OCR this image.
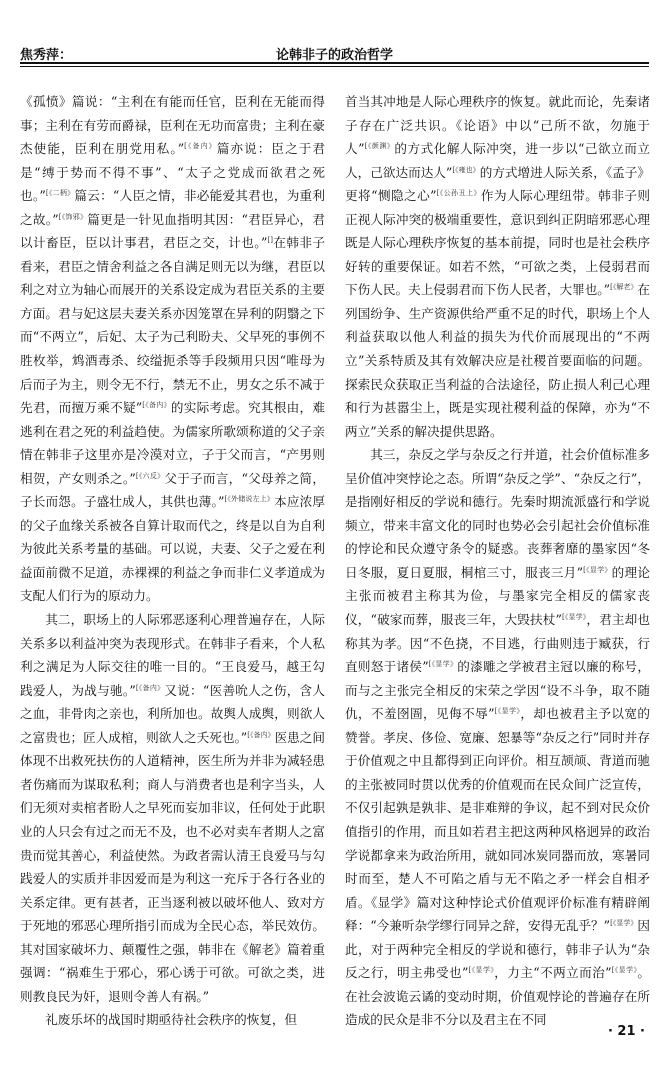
焦秀萍：	论韩非子的政治哲学

《孤愤》篇说：“主利在有能而任官，臣利在无能而得事；主利在有劳而爵禄，臣利在无功而富贵；主利在豪杰使能，臣利在朋党用私。”$^{[《备内》}$篇亦说：臣之于君是“缚于势而不得不事”、“太子之党成而欲君之死也。”$^{[《二柄》}$篇云：“人臣之情，非必能爱其君也，为重利之故。”$^{[《饰邪》}$篇更是一针见血指明其因：“君臣异心，君以计畜臣，臣以计事君，君臣之交，计也。”[]在韩非子看来，君臣之情舍利益之各自满足则无以为继，君臣以利之对立为轴心而展开的关系设定成为君臣关系的主要方面。君与妃这层夫妻关系亦因笼罩在异利的阴翳之下而“不两立”，后妃、太子为己利盼夫、父早死的事例不胜枚举，鸩酒毒杀、绞缢扼杀等手段频用只因“唯母为后而子为主，则令无不行，禁无不止，男女之乐不减于先君，而擅万乘不疑”$^{[《备内》}$的实际考虑。究其根由，难逃利在君之死的利益趋使。为儒家所歌颂称道的父子亲情在韩非子这里亦是冷漠对立，子于父而言，“产男则相贺，产女则杀之。”$^{[《六反》}$父于子而言，“父母养之简，子长而怨。子盛壮成人，其供也薄。”$^{[《外储说左上》}$本应浓厚的父子血缘关系被各自算计取而代之，终是以自为自利为彼此关系考量的基础。可以说，夫妻、父子之爱在利益面前微不足道，赤裸裸的利益之争而非仁义孝道成为支配人们行为的原动力。

其二，职场上的人际邪恶逐利心理普遍存在，人际关系多以利益冲突为表现形式。在韩非子看来，个人私利之满足为人际交往的唯一目的。“王良爱马，越王勾践爱人，为战与驰。”$^{[《备内》}$又说：“医善吮人之伤，含人之血，非骨肉之亲也，利所加也。故舆人成舆，则欲人之富贵也；匠人成棺，则欲人之夭死也。”$^{[《备内》}$医患之间体现不出救死扶伤的人道精神，医生所为并非为减轻患者伤痛而为谋取私利；商人与消费者也是利字当头，人们无须对卖棺者盼人之早死而妄加非议，任何处于此职业的人只会有过之而无不及，也不必对卖车者期人之富贵而觉其善心，利益使然。为政者需认清王良爱马与勾践爱人的实质并非因爱而是为利这一充斥于各行各业的关系定律。更有甚者，正当逐利被以破坏他人、致对方于死地的邪恶心理所指引而成为全民心态，举民效仿。其对国家破坏力、颠覆性之强，韩非在《解老》篇着重强调：“祸难生于邪心，邪心诱于可欲。可欲之类，进则教良民为奸，退则令善人有祸。”

礼废乐坏的战国时期亟待社会秩序的恢复，但

首当其冲地是人际心理秩序的恢复。就此而论，先秦诸子存在广泛共识。《论语》中以“己所不欲，勿施于人”$^{[《颜渊》}$的方式化解人际冲突，进一步以“己欲立而立人，己欲达而达人”$^{[《雍也》}$的方式增进人际关系，《孟子》更将“恻隐之心”$^{[《公孙丑上》}$作为人际心理纽带。韩非子则正视人际冲突的极端重要性，意识到纠正阴暗邪恶心理既是人际心理秩序恢复的基本前提，同时也是社会秩序好转的重要保证。如若不然，“可欲之类，上侵弱君而下伤人民。夫上侵弱君而下伤人民者，大罪也。”$^{[《解老》}$在列国纷争、生产资源供给严重不足的时代，职场上个人利益获取以他人利益的损失为代价而展现出的“不两立”关系特质及其有效解决应是社稷首要面临的问题。探索民众获取正当利益的合法途径，防止损人利己心理和行为甚嚣尘上，既是实现社稷利益的保障，亦为“不两立”关系的解决提供思路。

其三，杂反之学与杂反之行并道，社会价值标准多呈价值冲突悖论之态。所谓“杂反之学”、“杂反之行”，是指刚好相反的学说和德行。先秦时期流派盛行和学说频立，带来丰富文化的同时也势必会引起社会价值标准的悖论和民众遵守条令的疑惑。丧葬奢靡的墨家因“冬日冬服，夏日夏服，桐棺三寸，服丧三月”$^{[《显学》}$的理论主张而被君主称其为俭，与墨家完全相反的儒家丧仪，“破家而葬，服丧三年，大毁扶杖”$^{[《显学》}$，君主却也称其为孝。因“不色挠，不目逃，行曲则违于臧获，行直则怒于诸侯”$^{[《显学》}$的漆雕之学被君主冠以廉的称号，而与之主张完全相反的宋荣之学因“设不斗争，取不随仇，不羞囹圄，见侮不辱”$^{[《显学》}$，却也被君主予以宽的赞誉。孝戾、侈俭、宽廉、恕暴等“杂反之行”同时并存于价值观之中且都得到正向评价。相互颉颃、背道而驰的主张被同时贯以优秀的价值观而在民众间广泛宣传，不仅引起孰是孰非、是非难辩的争议，起不到对民众价值指引的作用，而且如若君主把这两种风格迥异的政治学说都拿来为政治所用，就如同冰炭同器而放，寒暑同时而至，楚人不可陷之盾与无不陷之矛一样会自相矛盾。《显学》篇对这种悖论式价值观评价标准有精辟阐释：“今兼听杂学缪行同异之辞，安得无乱乎？”$^{[《显学》}$因此，对于两种完全相反的学说和德行，韩非子认为“杂反之行，明主弗受也”$^{[《显学》}$，力主“不两立而治”$^{[《显学》}$。在社会波诡云谲的变动时期，价值观悖论的普遍存在所造成的民众是非不分以及君主在不同

· 21 ·
